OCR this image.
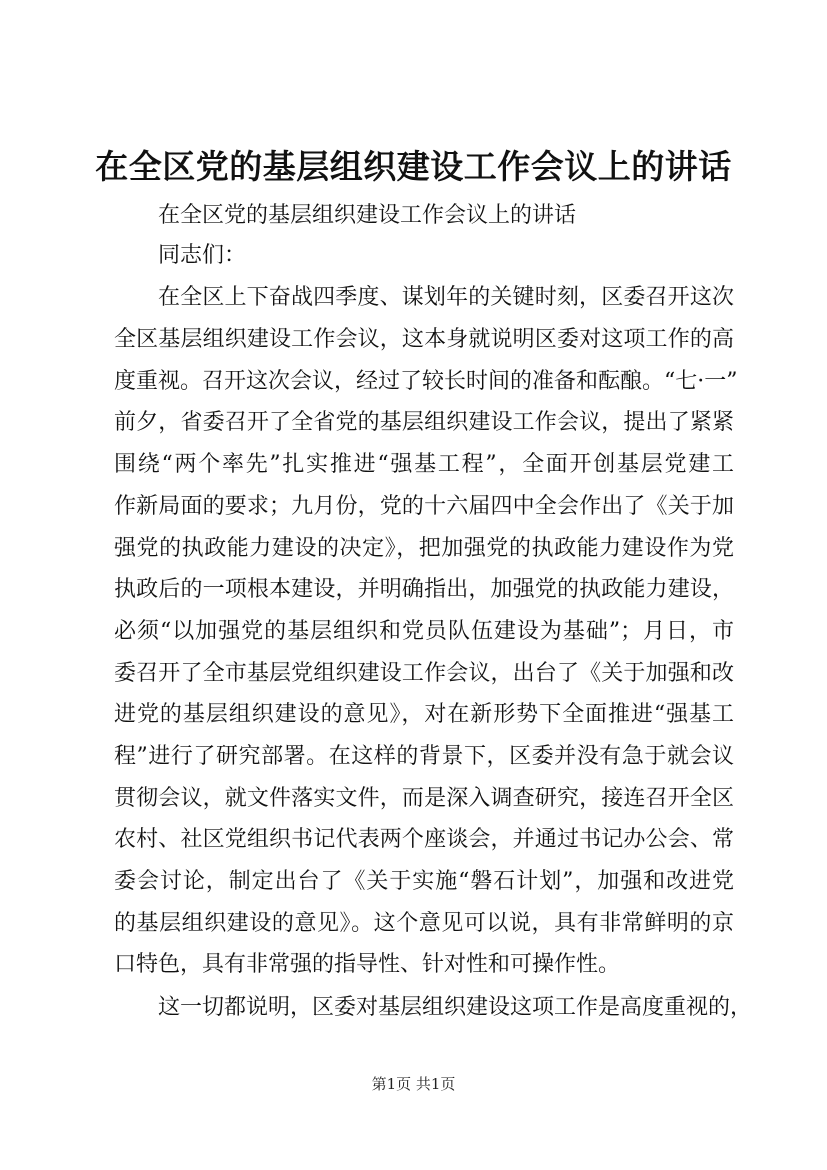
在全区党的基层组织建设工作会议上的讲话
在全区党的基层组织建设工作会议上的讲话
同志们：
在全区上下奋战四季度、谋划年的关键时刻，区委召开这次
全区基层组织建设工作会议，这本身就说明区委对这项工作的高
度重视。召开这次会议，经过了较长时间的准备和酝酿。“七·一”
前夕，省委召开了全省党的基层组织建设工作会议，提出了紧紧
围绕“两个率先”扎实推进“强基工程”，全面开创基层党建工
作新局面的要求；九月份，党的十六届四中全会作出了《关于加
强党的执政能力建设的决定》，把加强党的执政能力建设作为党
执政后的一项根本建设，并明确指出，加强党的执政能力建设，
必须“以加强党的基层组织和党员队伍建设为基础”；月日，市
委召开了全市基层党组织建设工作会议，出台了《关于加强和改
进党的基层组织建设的意见》，对在新形势下全面推进“强基工
程”进行了研究部署。在这样的背景下，区委并没有急于就会议
贯彻会议，就文件落实文件，而是深入调查研究，接连召开全区
农村、社区党组织书记代表两个座谈会，并通过书记办公会、常
委会讨论，制定出台了《关于实施“磐石计划”，加强和改进党
的基层组织建设的意见》。这个意见可以说，具有非常鲜明的京
口特色，具有非常强的指导性、针对性和可操作性。
这一切都说明，区委对基层组织建设这项工作是高度重视的，
第1页 共1页
